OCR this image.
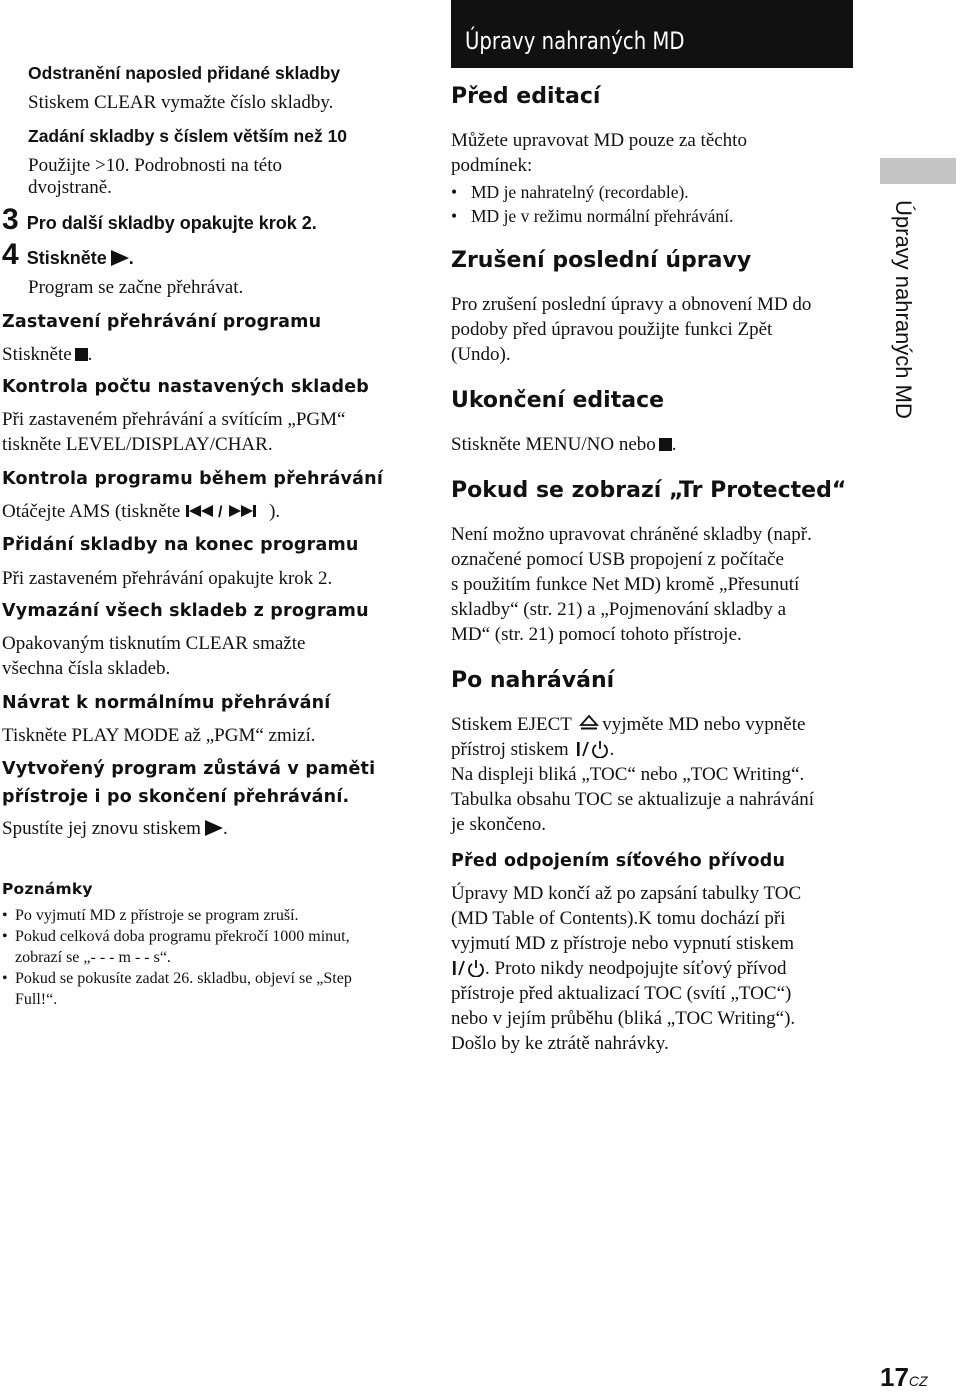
Odstranění naposled přidané skladby
Stiskem CLEAR vymažte číslo skladby.
Zadání skladby s číslem větším než 10
Použijte >10. Podrobnosti na této
dvojstraně.
3 Pro další skladby opakujte krok 2.
4 Stiskněte .
Program se začne přehrávat.
Zastavení přehrávání programu
Stiskněte .
Kontrola počtu nastavených skladeb
Při zastaveném přehrávání a svítícím „PGM“
tiskněte LEVEL/DISPLAY/CHAR.
Kontrola programu během přehrávání
Otáčejte AMS (tiskněte / ).
Přidání skladby na konec programu
Při zastaveném přehrávání opakujte krok 2.
Vymazání všech skladeb z programu
Opakovaným tisknutím CLEAR smažte
všechna čísla skladeb.
Návrat k normálnímu přehrávání
Tiskněte PLAY MODE až „PGM“ zmizí.
Vytvořený program zůstává v paměti
přístroje i po skončení přehrávání.
Spustíte jej znovu stiskem .
Poznámky
• Po vyjmutí MD z přístroje se program zruší.
• Pokud celková doba programu překročí 1000 minut,
zobrazí se „- - - m - - s“.
• Pokud se pokusíte zadat 26. skladbu, objeví se „Step
Full!“.
Úpravy nahraných MD
Před editací
Můžete upravovat MD pouze za těchto
podmínek:
• MD je nahratelný (recordable).
• MD je v režimu normální přehrávání.
Zrušení poslední úpravy
Pro zrušení poslední úpravy a obnovení MD do
podoby před úpravou použijte funkci Zpět
(Undo).
Ukončení editace
Stiskněte MENU/NO nebo .
Pokud se zobrazí „Tr Protected“
Není možno upravovat chráněné skladby (např.
označené pomocí USB propojení z počítače
s použitím funkce Net MD) kromě „Přesunutí
skladby“ (str. 21) a „Pojmenování skladby a
MD“ (str. 21) pomocí tohoto přístroje.
Po nahrávání
Stiskem EJECT vyjměte MD nebo vypněte
přístroj stiskem .
Na displeji bliká „TOC“ nebo „TOC Writing“.
Tabulka obsahu TOC se aktualizuje a nahrávání
je skončeno.
Před odpojením síťového přívodu
Úpravy MD končí až po zapsání tabulky TOC
(MD Table of Contents).K tomu dochází při
vyjmutí MD z přístroje nebo vypnutí stiskem
. Proto nikdy neodpojujte síťový přívod
přístroje před aktualizací TOC (svítí „TOC“)
nebo v jejím průběhu (bliká „TOC Writing“).
Došlo by ke ztrátě nahrávky.
Úpravy nahraných MD
17CZ
